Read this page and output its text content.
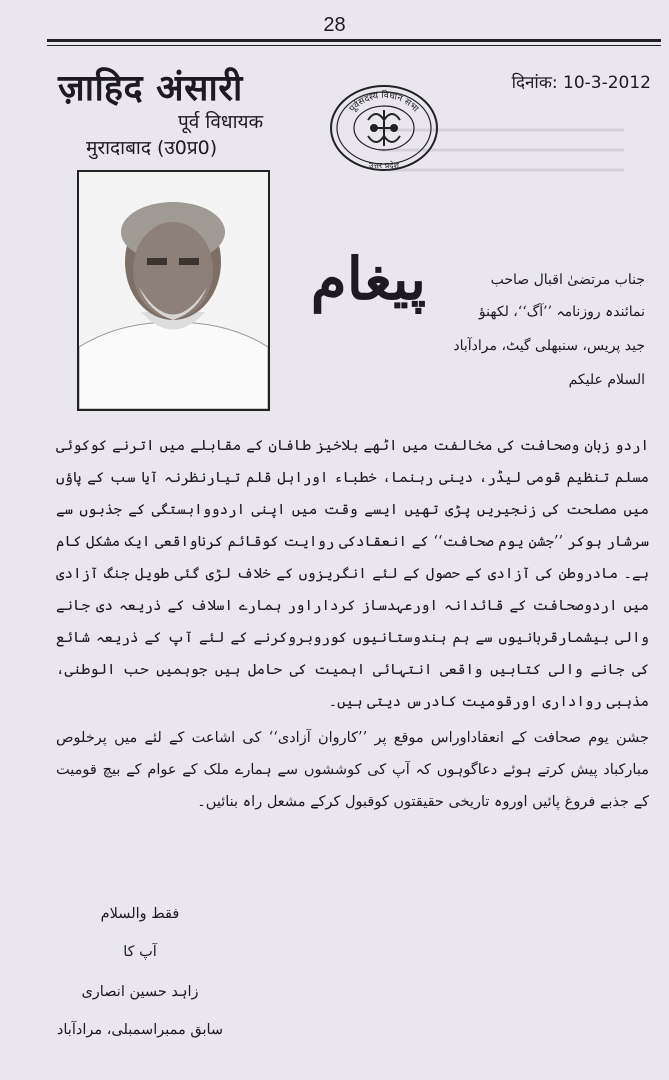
28
ज़ाहिद अंसारी
पूर्व विधायक
मुरादाबाद (उ0प्र0)
दिनांक: 10-3-2012
पूर्वसदस्य विधान सभा
उत्तर प्रदेश
پیغام	جناب مرتضیٰ اقبال صاحب
نمائندہ روزنامہ ’’آگ‘‘، لکھنؤ
جید پریس، سنبھلی گیٹ، مرادآباد
السلام علیکم

اردو زبان وصحافت کی مخالفت میں اٹھے بلاخیز طافان کے مقابلے میں اترنے کوکوئی مسلم تنظیم قومی لیڈر، دینی رہنما، خطباء اوراہل قلم تیارنظرنہ آیا سب کے پاؤں میں مصلحت کی زنجیریں پڑی تھیں ایسے وقت میں اپنی اردووابستگی کے جذبوں سے سرشار ہوکر ’’جشن یوم صحافت‘‘ کے انعقادکی روایت کوقائم کرناواقعی ایک مشکل کام ہے۔ مادروطن کی آزادی کے حصول کے لئے انگریزوں کے خلاف لڑی گئی طویل جنگ آزادی میں اردوصحافت کے قائدانہ اورعہدساز کرداراور ہمارے اسلاف کے ذریعہ دی جانے والی بیشمارقربانیوں سے ہم ہندوستانیوں کوروبروکرنے کے لئے آپ کے ذریعہ شائع کی جانے والی کتابیں واقعی انتہائی اہمیت کی حامل ہیں جوہمیں حب الوطنی، مذہبی رواداری اورقومیت کادرس دیتی ہیں۔

جشن یوم صحافت کے انعقاداوراس موقع پر ’’کاروان آزادی‘‘ کی اشاعت کے لئے میں پرخلوص مبارکباد پیش کرتے ہوئے دعاگوہوں کہ آپ کی کوششوں سے ہمارے ملک کے عوام کے بیچ قومیت کے جذبے فروغ پائیں اوروہ تاریخی حقیقتوں کوقبول کرکے مشعل راہ بنائیں۔

فقط والسلام
آپ کا
زاہد حسین انصاری
سابق ممبراسمبلی، مرادآباد
